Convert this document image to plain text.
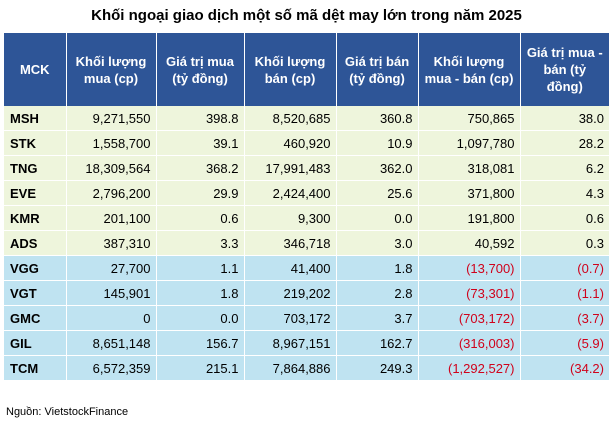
Khối ngoại giao dịch một số mã dệt may lớn trong năm 2025
MCK	Khối lượng mua (cp)	Giá trị mua (tỷ đồng)	Khối lượng bán (cp)	Giá trị bán (tỷ đồng)	Khối lượng mua - bán (cp)	Giá trị mua - bán (tỷ đồng)
MSH	9,271,550	398.8	8,520,685	360.8	750,865	38.0
STK	1,558,700	39.1	460,920	10.9	1,097,780	28.2
TNG	18,309,564	368.2	17,991,483	362.0	318,081	6.2
EVE	2,796,200	29.9	2,424,400	25.6	371,800	4.3
KMR	201,100	0.6	9,300	0.0	191,800	0.6
ADS	387,310	3.3	346,718	3.0	40,592	0.3
VGG	27,700	1.1	41,400	1.8	(13,700)	(0.7)
VGT	145,901	1.8	219,202	2.8	(73,301)	(1.1)
GMC	0	0.0	703,172	3.7	(703,172)	(3.7)
GIL	8,651,148	156.7	8,967,151	162.7	(316,003)	(5.9)
TCM	6,572,359	215.1	7,864,886	249.3	(1,292,527)	(34.2)
Nguồn: VietstockFinance
